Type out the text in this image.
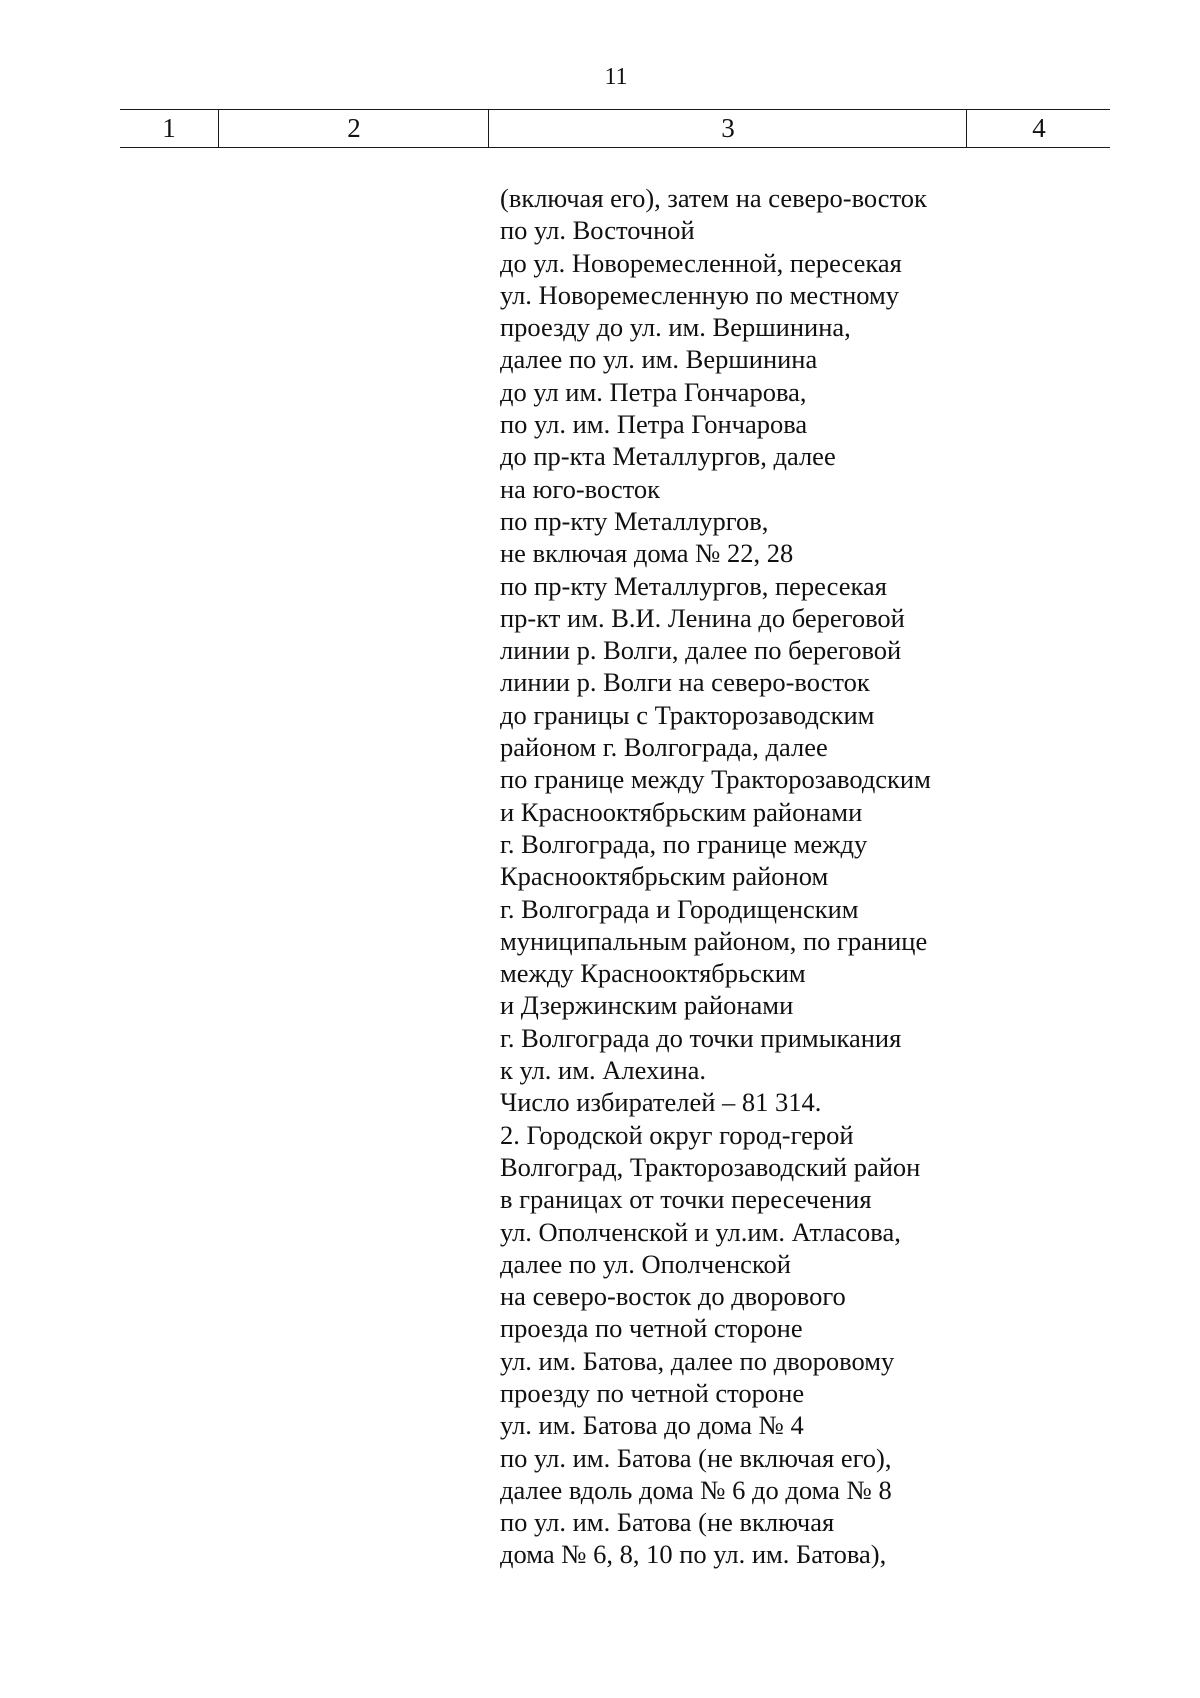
11
1	2	3	4
(включая его), затем на северо-восток
по ул. Восточной
до ул. Новоремесленной, пересекая
ул. Новоремесленную по местному
проезду до ул. им. Вершинина,
далее по ул. им. Вершинина
до ул им. Петра Гончарова,
по ул. им. Петра Гончарова
до пр-кта Металлургов, далее
на юго-восток
по пр-кту Металлургов,
не включая дома № 22, 28
по пр-кту Металлургов, пересекая
пр-кт им. В.И. Ленина до береговой
линии р. Волги, далее по береговой
линии р. Волги на северо-восток
до границы с Тракторозаводским
районом г. Волгограда, далее
по границе между Тракторозаводским
и Краснооктябрьским районами
г. Волгограда, по границе между
Краснооктябрьским районом
г. Волгограда и Городищенским
муниципальным районом, по границе
между Краснооктябрьским
и Дзержинским районами
г. Волгограда до точки примыкания
к ул. им. Алехина.
Число избирателей – 81 314.
2. Городской округ город-герой
Волгоград, Тракторозаводский район
в границах от точки пересечения
ул. Ополченской и ул.им. Атласова,
далее по ул. Ополченской
на северо-восток до дворового
проезда по четной стороне
ул. им. Батова, далее по дворовому
проезду по четной стороне
ул. им. Батова до дома № 4
по ул. им. Батова (не включая его),
далее вдоль дома № 6 до дома № 8
по ул. им. Батова (не включая
дома № 6, 8, 10 по ул. им. Батова),
